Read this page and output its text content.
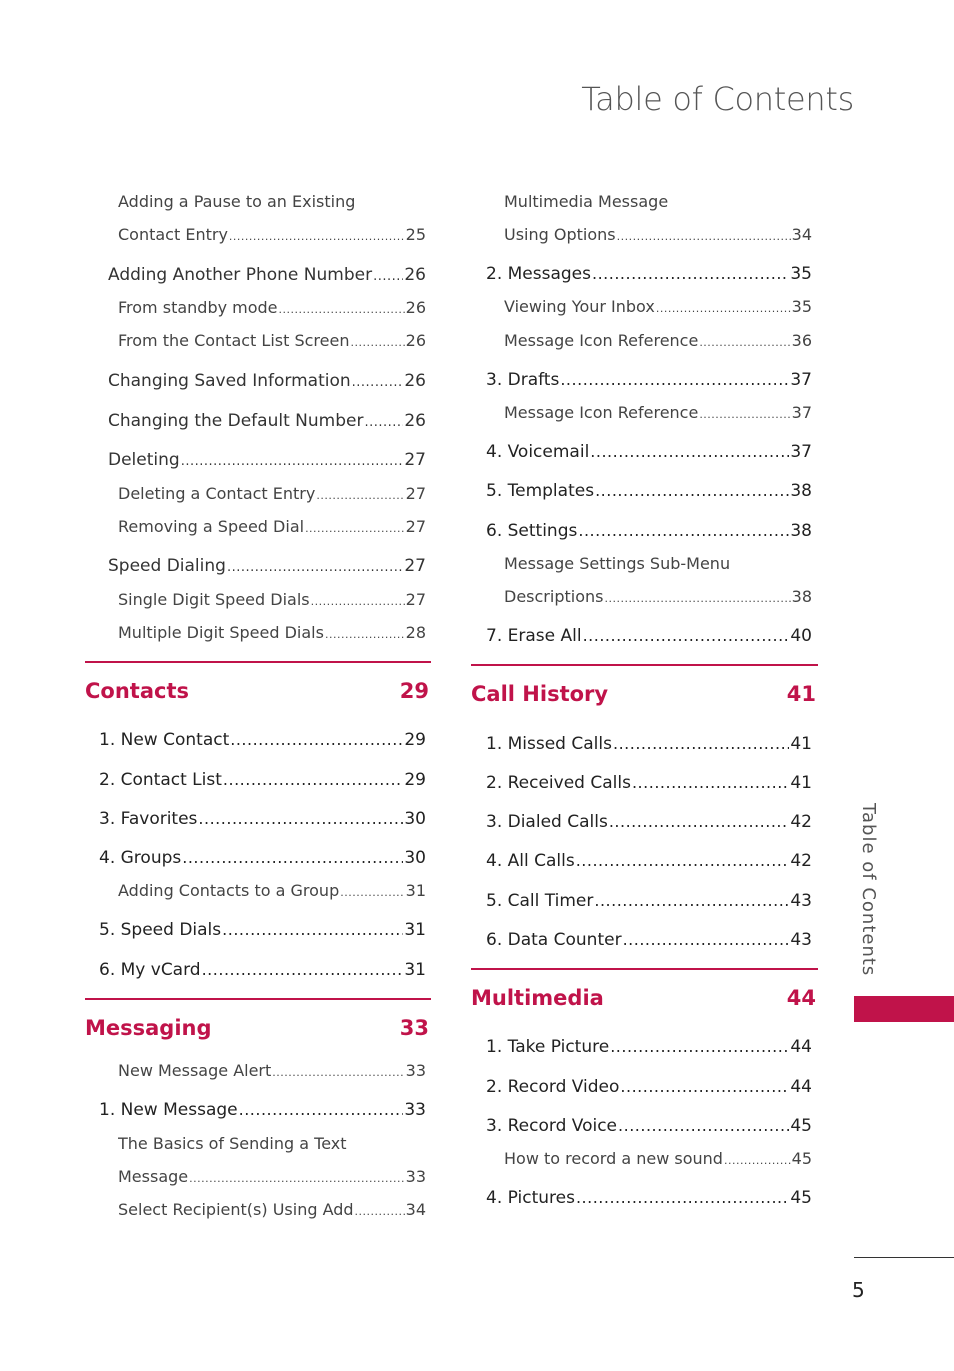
Table of Contents
Adding a Pause to an Existing
Contact Entry .....	25
Adding Another Phone Number ..... 26
From standby mode .....	26
From the Contact List Screen .....	26
Changing Saved Information .....	26
Changing the Default Number ..... 26
Deleting .....	27
Deleting a Contact Entry .....	27
Removing a Speed Dial .....	27
Speed Dialing .....	27
Single Digit Speed Dials .....	27
Multiple Digit Speed Dials .....	28
Contacts	29
1. New Contact .....	29
2. Contact List .....	29
3. Favorites .....	30
4. Groups .....	30
Adding Contacts to a Group .....	31
5. Speed Dials .....	31
6. My vCard .....	31
Messaging	33
New Message Alert .....	33
1. New Message .....	33
The Basics of Sending a Text
Message .....	33
Select Recipient(s) Using Add .....	34
Multimedia Message
Using Options .....	34
2. Messages .....	35
Viewing Your Inbox .....	35
Message Icon Reference .....	36
3. Drafts .....	37
Message Icon Reference .....	37
4. Voicemail .....	37
5. Templates .....	38
6. Settings .....	38
Message Settings Sub-Menu
Descriptions .....	38
7. Erase All .....	40
Call History	41
1. Missed Calls .....	41
2. Received Calls .....	41
3. Dialed Calls .....	42
4. All Calls .....	42
5. Call Timer .....	43
6. Data Counter .....	43
Multimedia	44
1. Take Picture .....	44
2. Record Video .....	44
3. Record Voice .....	45
How to record a new sound .....	45
4. Pictures .....	45
Table of Contents
5
